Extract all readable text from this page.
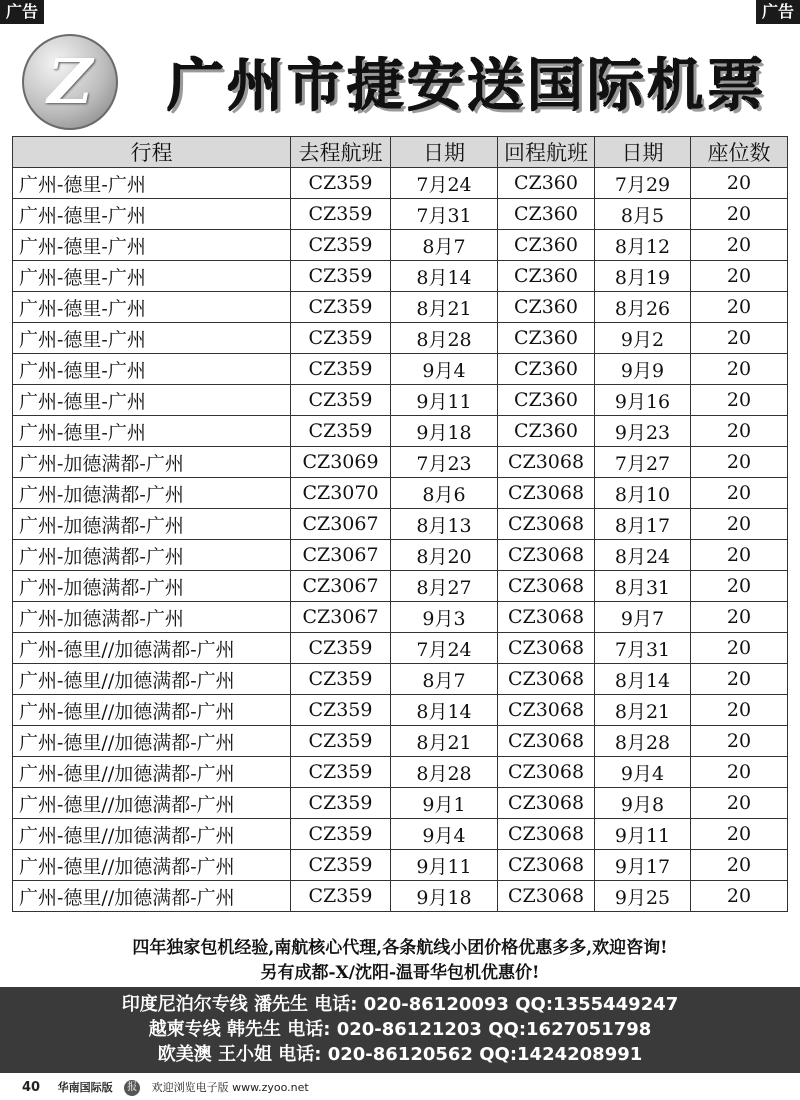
广告	广告
Z	广州市捷安送国际机票
行程	去程航班	日期	回程航班	日期	座位数
广州-德里-广州	CZ359	7月24	CZ360	7月29	20
广州-德里-广州	CZ359	7月31	CZ360	8月5	20
广州-德里-广州	CZ359	8月7	CZ360	8月12	20
广州-德里-广州	CZ359	8月14	CZ360	8月19	20
广州-德里-广州	CZ359	8月21	CZ360	8月26	20
广州-德里-广州	CZ359	8月28	CZ360	9月2	20
广州-德里-广州	CZ359	9月4	CZ360	9月9	20
广州-德里-广州	CZ359	9月11	CZ360	9月16	20
广州-德里-广州	CZ359	9月18	CZ360	9月23	20
广州-加德满都-广州	CZ3069	7月23	CZ3068	7月27	20
广州-加德满都-广州	CZ3070	8月6	CZ3068	8月10	20
广州-加德满都-广州	CZ3067	8月13	CZ3068	8月17	20
广州-加德满都-广州	CZ3067	8月20	CZ3068	8月24	20
广州-加德满都-广州	CZ3067	8月27	CZ3068	8月31	20
广州-加德满都-广州	CZ3067	9月3	CZ3068	9月7	20
广州-德里//加德满都-广州	CZ359	7月24	CZ3068	7月31	20
广州-德里//加德满都-广州	CZ359	8月7	CZ3068	8月14	20
广州-德里//加德满都-广州	CZ359	8月14	CZ3068	8月21	20
广州-德里//加德满都-广州	CZ359	8月21	CZ3068	8月28	20
广州-德里//加德满都-广州	CZ359	8月28	CZ3068	9月4	20
广州-德里//加德满都-广州	CZ359	9月1	CZ3068	9月8	20
广州-德里//加德满都-广州	CZ359	9月4	CZ3068	9月11	20
广州-德里//加德满都-广州	CZ359	9月11	CZ3068	9月17	20
广州-德里//加德满都-广州	CZ359	9月18	CZ3068	9月25	20
四年独家包机经验,南航核心代理,各条航线小团价格优惠多多,欢迎咨询!
另有成都-X/沈阳-温哥华包机优惠价!
印度尼泊尔专线 潘先生 电话: 020-86120093 QQ:1355449247
越柬专线 韩先生 电话: 020-86121203 QQ:1627051798
欧美澳 王小姐 电话: 020-86120562 QQ:1424208991
40 华南国际版 报 欢迎浏览电子版 www.zyoo.net
